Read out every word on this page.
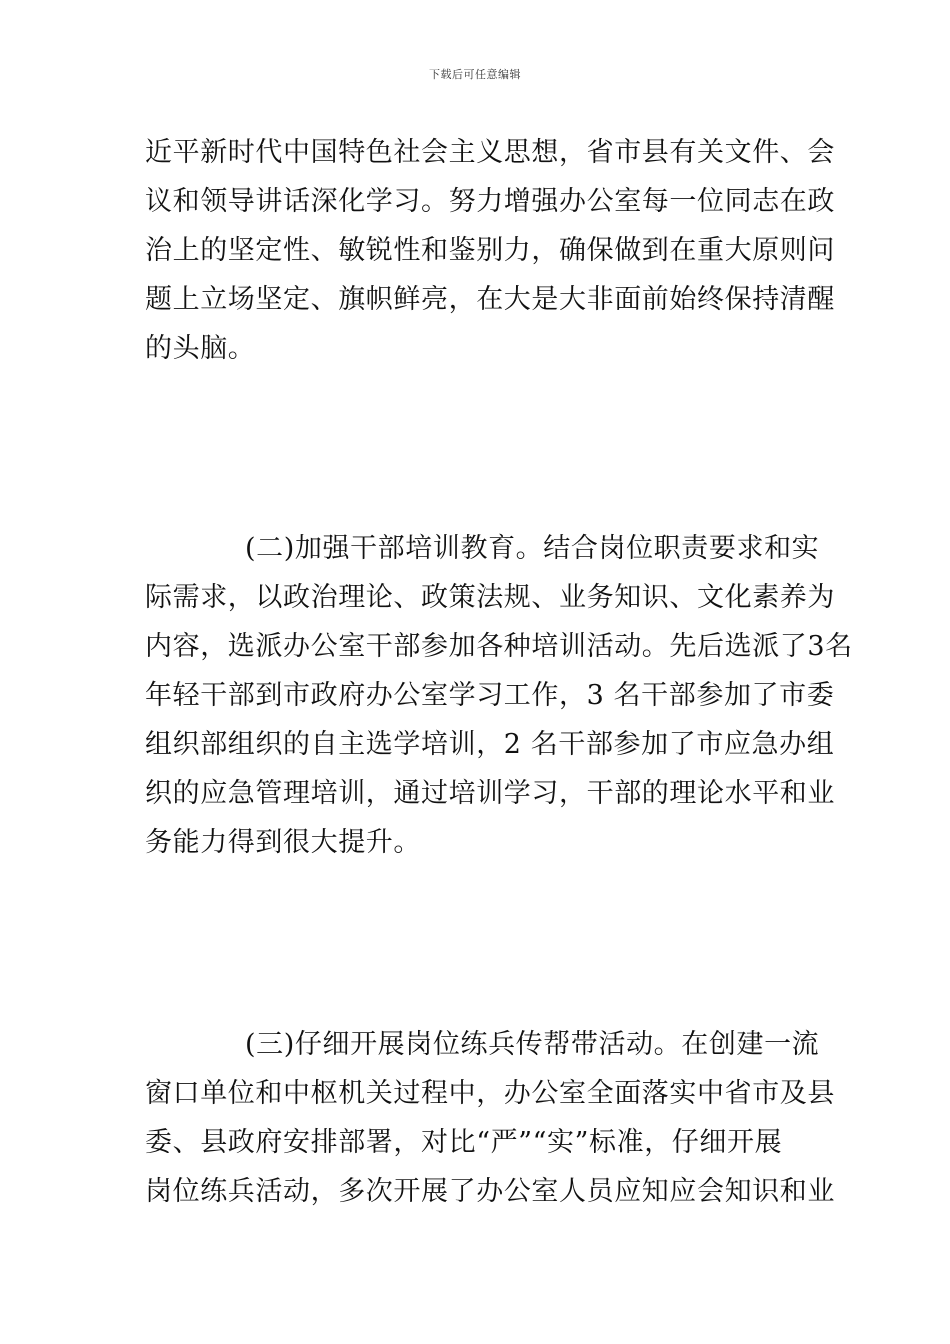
下载后可任意编辑
近平新时代中国特色社会主义思想，省市县有关文件、会
议和领导讲话深化学习。努力增强办公室每一位同志在政
治上的坚定性、敏锐性和鉴别力，确保做到在重大原则问
题上立场坚定、旗帜鲜亮，在大是大非面前始终保持清醒
的头脑。
(二)加强干部培训教育。结合岗位职责要求和实
际需求，以政治理论、政策法规、业务知识、文化素养为
内容，选派办公室干部参加各种培训活动。先后选派了3名
年轻干部到市政府办公室学习工作，3 名干部参加了市委
组织部组织的自主选学培训，2 名干部参加了市应急办组
织的应急管理培训，通过培训学习，干部的理论水平和业
务能力得到很大提升。
(三)仔细开展岗位练兵传帮带活动。在创建一流
窗口单位和中枢机关过程中，办公室全面落实中省市及县
委、县政府安排部署，对比“严”“实”标准，仔细开展
岗位练兵活动，多次开展了办公室人员应知应会知识和业
